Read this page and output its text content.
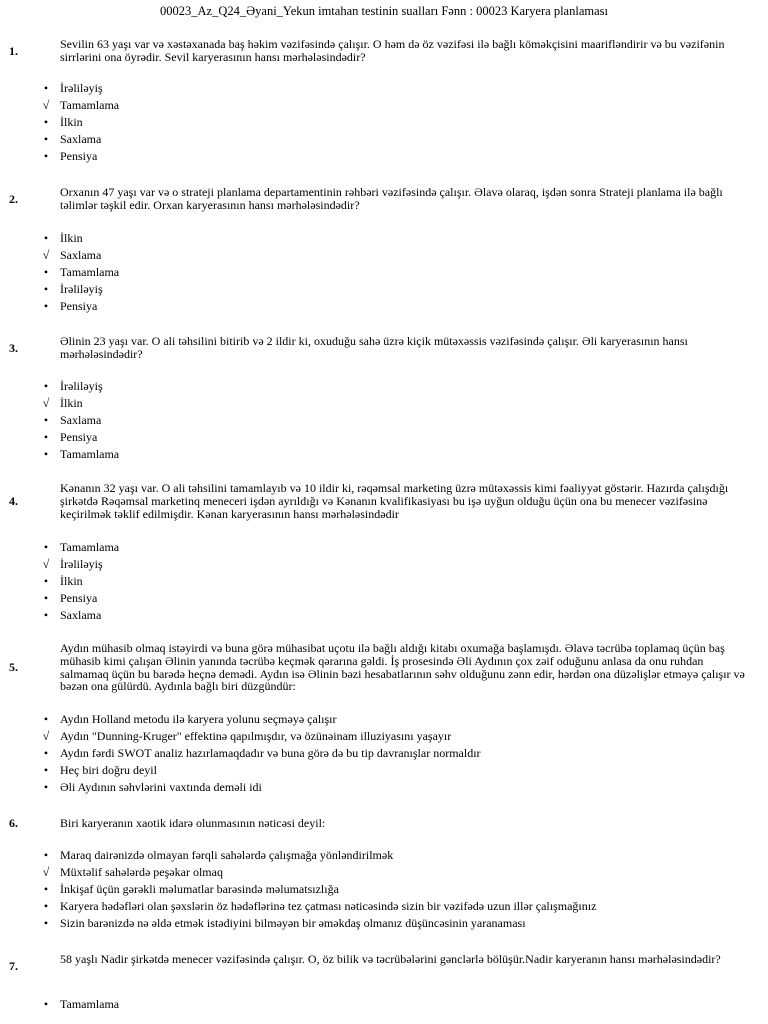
00023_Az_Q24_Əyani_Yekun imtahan testinin sualları Fənn : 00023 Karyera planlaması
1.	Sevilin 63 yaşı var və xəstəxanada baş həkim vəzifəsində çalışır. O həm də öz vəzifəsi ilə bağlı köməkçisini maarifləndirir və bu vəzifənin sirrlərini ona öyrədir. Sevil karyerasının hansı mərhələsindədir?
• İrəliləyiş
√ Tamamlama
• İlkin
• Saxlama
• Pensiya
2.	Orxanın 47 yaşı var və o strateji planlama departamentinin rəhbəri vəzifəsində çalışır. Əlavə olaraq, işdən sonra Strateji planlama ilə bağlı təlimlər təşkil edir. Orxan karyerasının hansı mərhələsindədir?
• İlkin
√ Saxlama
• Tamamlama
• İrəliləyiş
• Pensiya
3.	Əlinin 23 yaşı var. O ali təhsilini bitirib və 2 ildir ki, oxuduğu sahə üzrə kiçik mütəxəssis vəzifəsində çalışır. Əli karyerasının hansı mərhələsindədir?
• İrəliləyiş
√ İlkin
• Saxlama
• Pensiya
• Tamamlama
4.
Kənanın 32 yaşı var. O ali təhsilini tamamlayıb və 10 ildir ki, rəqəmsal marketing üzrə mütəxəssis kimi fəaliyyət göstərir. Hazırda çalışdığı şirkətdə Rəqəmsal marketinq meneceri işdən ayrıldığı və Kənanın kvalifikasiyası bu işə uyğun olduğu üçün ona bu menecer vəzifəsinə keçirilmək təklif edilmişdir. Kənan karyerasının hansı mərhələsindədir
• Tamamlama
√ İrəliləyiş
• İlkin
• Pensiya
• Saxlama
5.
Aydın mühasib olmaq istəyirdi və buna görə mühasibat uçotu ilə bağlı aldığı kitabı oxumağa başlamışdı. Əlavə təcrübə toplamaq üçün baş mühasib kimi çalışan Əlinin yanında təcrübə keçmək qərarına gəldi. İş prosesində Əli Aydının çox zəif oduğunu anlasa da onu ruhdan salmamaq üçün bu barədə heçnə demədi. Aydın isə Əlinin bəzi hesabatlarının səhv olduğunu zənn edir, hərdən ona düzəlişlər etməyə çalışır və bəzən ona gülürdü. Aydınla bağlı biri düzgündür:
• Aydın Holland metodu ilə karyera yolunu seçməyə çalışır
√ Aydın "Dunning-Kruger" effektinə qapılmışdır, və özünəinam illuziyasını yaşayır
• Aydın fərdi SWOT analiz hazırlamaqdadır və buna görə də bu tip davranışlar normaldır
• Heç biri doğru deyil
• Əli Aydının səhvlərini vaxtında deməli idi
6.	Biri karyeranın xaotik idarə olunmasının nəticəsi deyil:
• Maraq dairənizdə olmayan fərqli sahələrdə çalışmağa yönləndirilmək
√ Müxtəlif sahələrdə peşəkar olmaq
• İnkişaf üçün gərəkli məlumatlar barəsində məlumatsızlığa
• Karyera hədəfləri olan şəxslərin öz hədəflərinə tez çatması nəticəsində sizin bir vəzifədə uzun illər çalışmağınız
• Sizin barənizdə nə əldə etmək istədiyini bilməyən bir əməkdaş olmanız düşüncəsinin yaranaması
7.	58 yaşlı Nadir şirkətdə menecer vəzifəsində çalışır. O, öz bilik və təcrübələrini gənclərlə bölüşür.Nadir karyeranın hansı mərhələsindədir?
• Tamamlama
